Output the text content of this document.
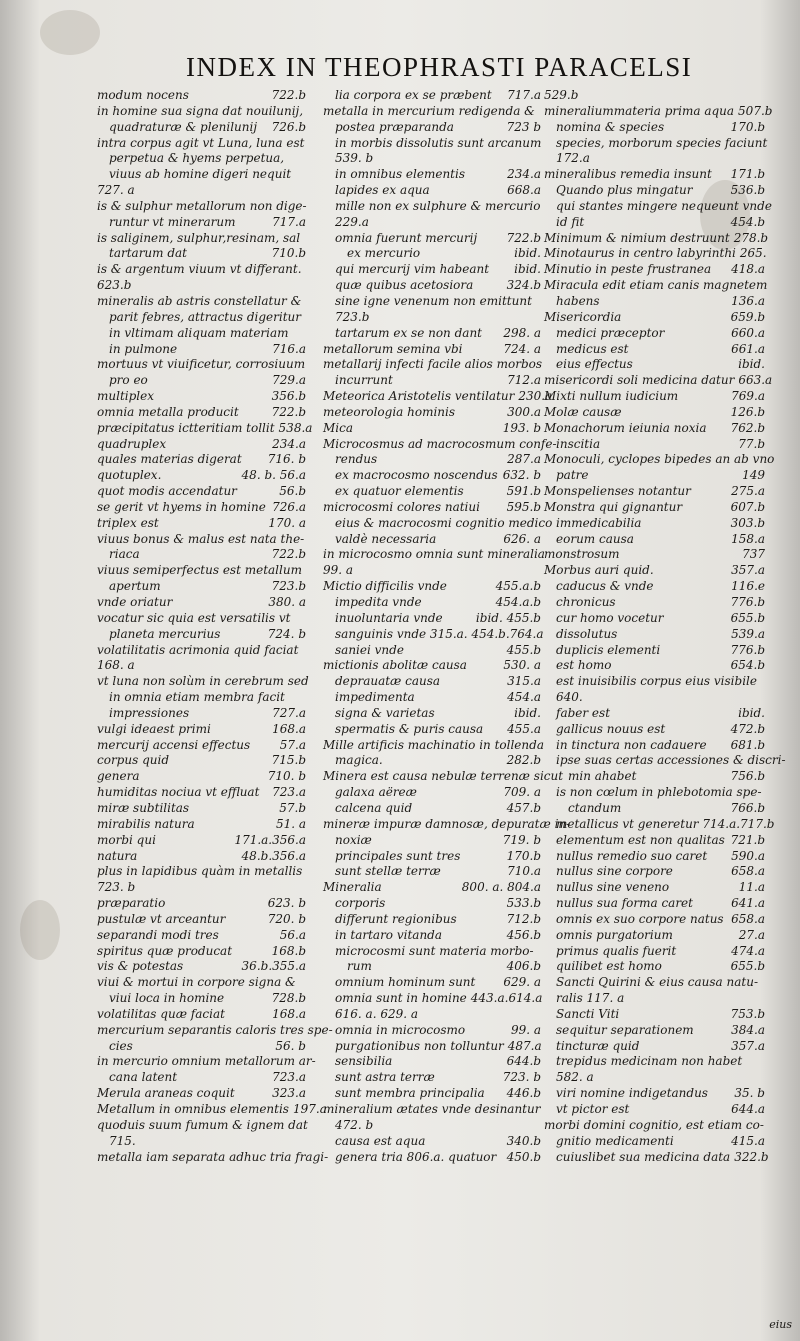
INDEX IN THEOPHRASTI PARACELSI
modum nocens	722.b
in homine sua signa dat nouilunij,
quadraturæ & plenilunij	726.b
intra corpus agit vt Luna, luna est
perpetua & hyems perpetua,
viuus ab homine digeri nequit
727. a
is & sulphur metallorum non dige-
runtur vt minerarum	717.a
is saliginem, sulphur,resinam, sal
tartarum dat	710.b
is & argentum viuum vt differant.
623.b
mineralis ab astris constellatur &
parit febres, attractus digeritur
in vltimam aliquam materiam
in pulmone	716.a
mortuus vt viuificetur, corrosiuum
pro eo	729.a
multiplex	356.b
omnia metalla producit	722.b
præcipitatus ictteritiam tollit 538.a
quadruplex	234.a
quales materias digerat	716. b
quotuplex.	48. b. 56.a
quot modis accendatur	56.b
se gerit vt hyems in homine 726.a
triplex est	170. a
viuus bonus & malus est nata the-
riaca	722.b
viuus semiperfectus est metallum
apertum	723.b
vnde oriatur	380. a
vocatur sic quia est versatilis vt
planeta mercurius	724. b
volatilitatis acrimonia quid faciat
168. a
vt luna non solùm in cerebrum sed
in omnia etiam membra facit
impressiones	727.a
vulgi ideaest primi	168.a
mercurij accensi effectus	57.a
corpus quid	715.b
genera	710. b
humiditas nociua vt effluat	723.a
miræ subtilitas	57.b
mirabilis natura	51. a
morbi qui	171.a.356.a
natura	48.b.356.a
plus in lapidibus quàm in metallis
723. b
præparatio	623. b
pustulæ vt arceantur	720. b
separandi modi tres	56.a
spiritus quæ producat	168.b
vis & potestas	36.b.355.a
viui & mortui in corpore signa &
viui loca in homine	728.b
volatilitas quæ faciat	168.a
mercurium separantis caloris tres spe-
cies	56. b
in mercurio omnium metallorum ar-
cana latent	723.a
Merula araneas coquit	323.a
Metallum in omnibus elementis 197.a
quoduis suum fumum & ignem dat
715.
metalla iam separata adhuc tria fragi-
lia corpora ex se præbent	717.a
metalla in mercurium redigenda &
postea præparanda	723 b
in morbis dissolutis sunt arcanum
539. b
in omnibus elementis	234.a
lapides ex aqua	668.a
mille non ex sulphure & mercurio
229.a
omnia fuerunt mercurij	722.b
ex mercurio	ibid.
qui mercurij vim habeant	ibid.
quæ quibus acetosiora	324.b
sine igne venenum non emittunt
723.b
tartarum ex se non dant	298. a
metallorum semina vbi	724. a
metallarij infecti facile alios morbos
incurrunt	712.a
Meteorica Aristotelis ventilatur 230.a
meteorologia hominis	300.a
Mica	193. b
Microcosmus ad macrocosmum confe-
rendus	287.a
ex macrocosmo noscendus 632. b
ex quatuor elementis	591.b
microcosmi colores natiui	595.b
eius & macrocosmi cognitio medico
valdè necessaria	626. a
in microcosmo omnia sunt mineralia
99. a
Mictio difficilis vnde	455.a.b
impedita vnde	454.a.b
inuoluntaria vnde	ibid. 455.b
sanguinis vnde 315.a. 454.b.764.a
saniei vnde	455.b
mictionis abolitæ causa	530. a
deprauatæ causa	315.a
impedimenta	454.a
signa & varietas	ibid.
spermatis & puris causa	455.a
Mille artificis machinatio in tollenda
magica.	282.b
Minera est causa nebulæ terrenæ sicut
galaxa aëreæ	709. a
calcena quid	457.b
mineræ impuræ damnosæ, depuratæ in-
noxiæ	719. b
principales sunt tres	170.b
sunt stellæ terræ	710.a
Mineralia	800. a. 804.a
corporis	533.b
differunt regionibus	712.b
in tartaro vitanda	456.b
microcosmi sunt materia morbo-
rum	406.b
omnium hominum sunt	629. a
omnia sunt in homine 443.a.614.a
616. a. 629. a
omnia in microcosmo	99. a
purgationibus non tolluntur 487.a
sensibilia	644.b
sunt astra terræ	723. b
sunt membra principalia	446.b
mineralium ætates vnde desinantur
472. b
causa est aqua	340.b
genera tria 806.a. quatuor 450.b
529.b
mineraliummateria prima aqua 507.b
nomina & species	170.b
species, morborum species faciunt
172.a
mineralibus remedia insunt	171.b
Quando plus mingatur	536.b
qui stantes mingere nequeunt vnde
id fit	454.b
Minimum & nimium destruunt 278.b
Minotaurus in centro labyrinthi 265.
Minutio in peste frustranea	418.a
Miracula edit etiam canis magnetem
habens	136.a
Misericordia	659.b
medici præceptor	660.a
medicus est	661.a
eius effectus	ibid.
misericordi soli medicina datur 663.a
Mixti nullum iudicium	769.a
Molæ causæ	126.b
Monachorum ieiunia noxia	762.b
inscitia	77.b
Monoculi, cyclopes bipedes an ab vno
patre	149
Monspelienses notantur	275.a
Monstra qui gignantur	607.b
immedicabilia	303.b
eorum causa	158.a
monstrosum	737
Morbus auri quid.	357.a
caducus & vnde	116.e
chronicus	776.b
cur homo vocetur	655.b
dissolutus	539.a
duplicis elementi	776.b
est homo	654.b
est inuisibilis corpus eius visibile
640.
faber est	ibid.
gallicus nouus est	472.b
in tinctura non cadauere	681.b
ipse suas certas accessiones & discri-
min ahabet	756.b
is non cœlum in phlebotomia spe-
ctandum	766.b
metallicus vt generetur 714.a.717.b
elementum est non qualitas 721.b
nullus remedio suo caret	590.a
nullus sine corpore	658.a
nullus sine veneno	11.a
nullus sua forma caret	641.a
omnis ex suo corpore natus 658.a
omnis purgatorium	27.a
primus qualis fuerit	474.a
quilibet est homo	655.b
Sancti Quirini & eius causa natu-
ralis 117. a
Sancti Viti	753.b
sequitur separationem	384.a
tincturæ quid	357.a
trepidus medicinam non habet
582. a
viri nomine indigetandus	35. b
vt pictor est	644.a
morbi domini cognitio, est etiam co-
gnitio medicamenti	415.a
cuiuslibet sua medicina data 322.b
eius
